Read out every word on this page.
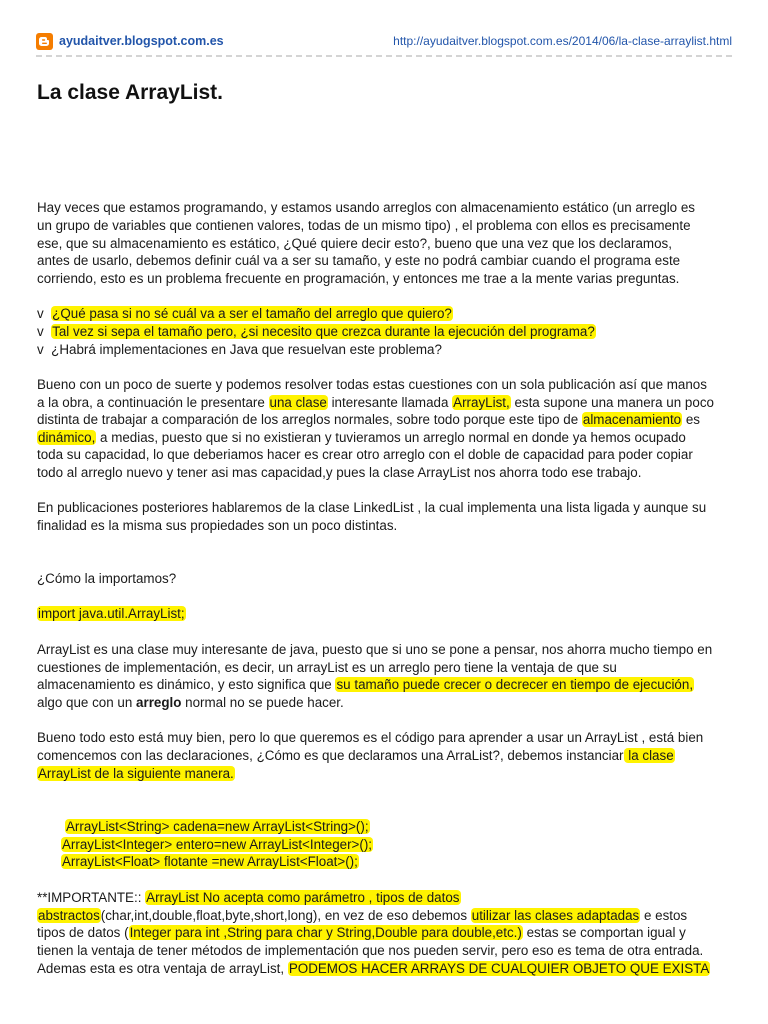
ayudaitver.blogspot.com.es	http://ayudaitver.blogspot.com.es/2014/06/la-clase-arraylist.html
La clase ArrayList.

Hay veces que estamos programando, y estamos usando arreglos con almacenamiento estático (un arreglo es

un grupo de variables que contienen valores, todas de un mismo tipo) , el problema con ellos es precisamente

ese, que su almacenamiento es estático, ¿Qué quiere decir esto?, bueno que una vez que los declaramos,

antes de usarlo, debemos definir cuál va a ser su tamaño, y este no podrá cambiar cuando el programa este

corriendo, esto es un problema frecuente en programación, y entonces me trae a la mente varias preguntas.

v ¿Qué pasa si no sé cuál va a ser el tamaño del arreglo que quiero?

v Tal vez si sepa el tamaño pero, ¿si necesito que crezca durante la ejecución del programa?

v ¿Habrá implementaciones en Java que resuelvan este problema?

Bueno con un poco de suerte y podemos resolver todas estas cuestiones con un sola publicación así que manos

a la obra, a continuación le presentare una clase interesante llamada ArrayList, esta supone una manera un poco

distinta de trabajar a comparación de los arreglos normales, sobre todo porque este tipo de almacenamiento es

dinámico, a medias, puesto que si no existieran y tuvieramos un arreglo normal en donde ya hemos ocupado

toda su capacidad, lo que deberiamos hacer es crear otro arreglo con el doble de capacidad para poder copiar

todo al arreglo nuevo y tener asi mas capacidad,y pues la clase ArrayList nos ahorra todo ese trabajo.

En publicaciones posteriores hablaremos de la clase LinkedList , la cual implementa una lista ligada y aunque su

finalidad es la misma sus propiedades son un poco distintas.

¿Cómo la importamos?

import java.util.ArrayList;

ArrayList es una clase muy interesante de java, puesto que si uno se pone a pensar, nos ahorra mucho tiempo en

cuestiones de implementación, es decir, un arrayList es un arreglo pero tiene la ventaja de que su

almacenamiento es dinámico, y esto significa que su tamaño puede crecer o decrecer en tiempo de ejecución,

algo que con un arreglo normal no se puede hacer.

Bueno todo esto está muy bien, pero lo que queremos es el código para aprender a usar un ArrayList , está bien

comencemos con las declaraciones, ¿Cómo es que declaramos una ArraList?, debemos instanciar la clase

ArrayList de la siguiente manera.

ArrayList<String> cadena=new ArrayList<String>();

ArrayList<Integer> entero=new ArrayList<Integer>();

ArrayList<Float> flotante =new ArrayList<Float>();

**IMPORTANTE:: ArrayList No acepta como parámetro , tipos de datos

abstractos(char,int,double,float,byte,short,long), en vez de eso debemos utilizar las clases adaptadas e estos

tipos de datos (Integer para int ,String para char y String,Double para double,etc.) estas se comportan igual y

tienen la ventaja de tener métodos de implementación que nos pueden servir, pero eso es tema de otra entrada.

Ademas esta es otra ventaja de arrayList, PODEMOS HACER ARRAYS DE CUALQUIER OBJETO QUE EXISTA
